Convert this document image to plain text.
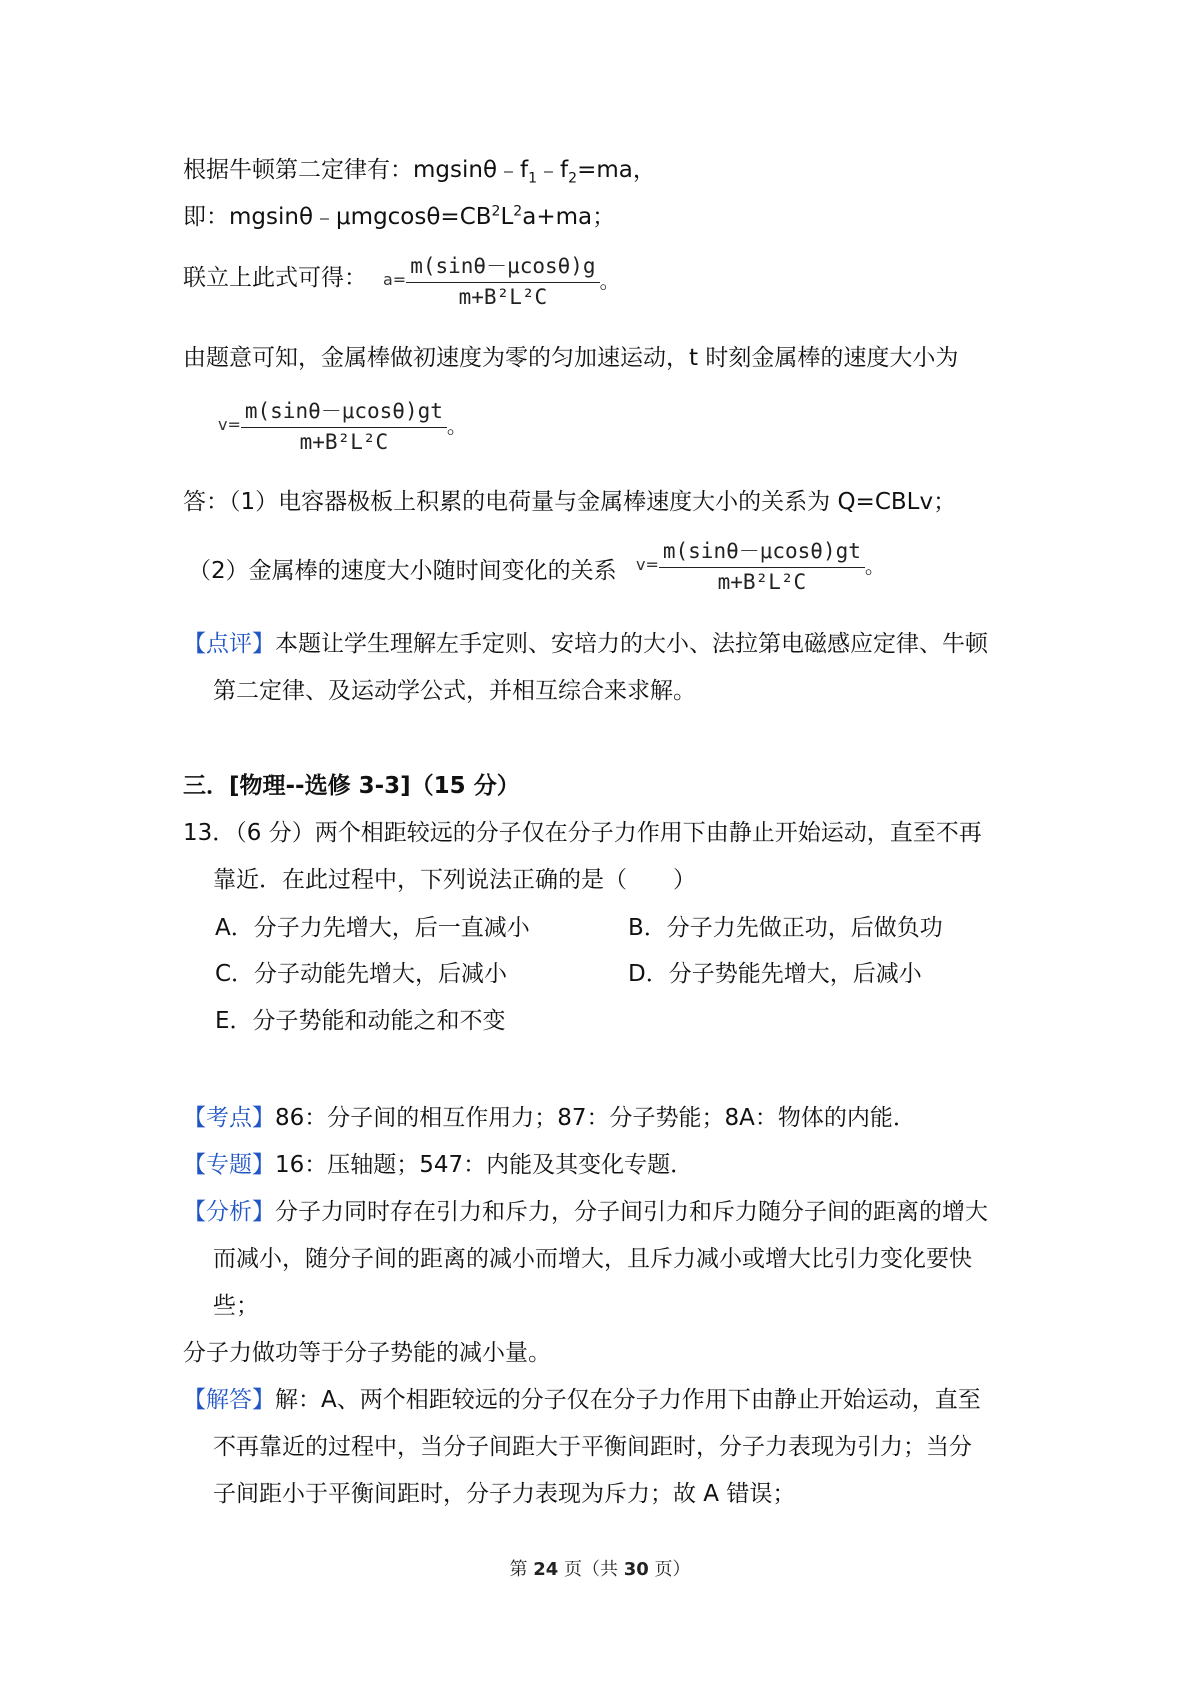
根据牛顿第二定律有：$mgsin\theta﹣f_1﹣f_2=ma$，
即：$mgsin\theta﹣\mu mgcos\theta=CB^2L^2a+ma$；
联立上此式可得： $a= \frac{m(\sin\theta-\mu\cos\theta)g}{\text{m+B²L²C}}$ 。
由题意可知，金属棒做初速度为零的匀加速运动，t 时刻金属棒的速度大小为
$v= \frac{m(\sin\theta-\mu\cos\theta)gt}{\text{m+B²L²C}}$ 。
答：（1）电容器极板上积累的电荷量与金属棒速度大小的关系为 Q=CBLv；
（2）金属棒的速度大小随时间变化的关系 $v= \frac{m(\sin\theta-\mu\cos\theta)gt}{\text{m+B²L²C}}$ 。
【点评】本题让学生理解左手定则、安培力的大小、法拉第电磁感应定律、牛顿
第二定律、及运动学公式，并相互综合来求解。
三．[物理--选修 3-3]（15 分）
13．（6 分）两个相距较远的分子仅在分子力作用下由静止开始运动，直至不再
靠近．在此过程中，下列说法正确的是（　　）
A．分子力先增大，后一直减小	B．分子力先做正功，后做负功
C．分子动能先增大，后减小	D．分子势能先增大，后减小
E．分子势能和动能之和不变
【考点】86：分子间的相互作用力；87：分子势能；8A：物体的内能．
【专题】16：压轴题；547：内能及其变化专题．
【分析】分子力同时存在引力和斥力，分子间引力和斥力随分子间的距离的增大
而减小，随分子间的距离的减小而增大，且斥力减小或增大比引力变化要快
些；
分子力做功等于分子势能的减小量。
【解答】解：A、两个相距较远的分子仅在分子力作用下由静止开始运动，直至
不再靠近的过程中，当分子间距大于平衡间距时，分子力表现为引力；当分
子间距小于平衡间距时，分子力表现为斥力；故 A 错误；
第 24 页（共 30 页）
